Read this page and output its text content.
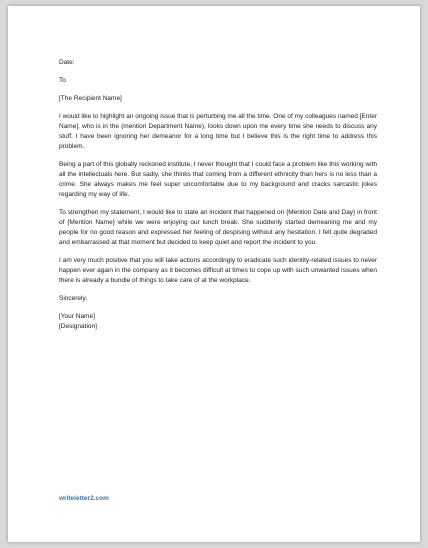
Date:

To

[The Recipient Name]

I would like to highlight an ongoing issue that is perturbing me all the time. One of my colleagues named [Enter Name], who is in the (mention Department Name), looks down upon me every time she needs to discuss any stuff. I have been ignoring her demeanor for a long time but I believe this is the right time to address this problem.

Being a part of this globally reckoned institute, I never thought that I could face a problem like this working with all the intellectuals here. But sadly, she thinks that coming from a different ethnicity than hers is no less than a crime. She always makes me feel super uncomfortable due to my background and cracks sarcastic jokes regarding my way of life.

To strengthen my statement, I would like to state an incident that happened on {Mention Date and Day} in front of {Mention Name} while we were enjoying our lunch break. She suddenly started demeaning me and my people for no good reason and expressed her feeling of despising without any hesitation. I felt quite degraded and embarrassed at that moment but decided to keep quiet and report the incident to you.

I am very much positive that you will take actions accordingly to eradicate such identity-related issues to never happen ever again in the company as it becomes difficult at times to cope up with such unwanted issues when there is already a bundle of things to take care of at the workplace.

Sincerely,

[Your Name]

[Designation]

writeletter2.com
